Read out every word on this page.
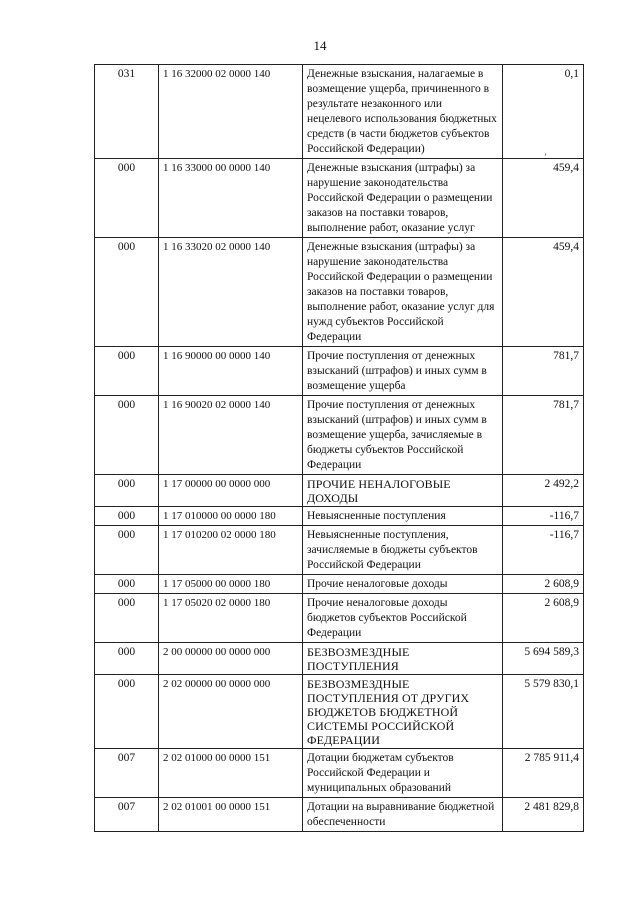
14
031	1 16 32000 02 0000 140	Денежные взыскания, налагаемые в возмещение ущерба, причиненного в результате незаконного или нецелевого использования бюджетных средств (в части бюджетов субъектов Российской Федерации)	0,1
000	1 16 33000 00 0000 140	Денежные взыскания (штрафы) за нарушение законодательства Российской Федерации о размещении заказов на поставки товаров, выполнение работ, оказание услуг	459,4
000	1 16 33020 02 0000 140	Денежные взыскания (штрафы) за нарушение законодательства Российской Федерации о размещении заказов на поставки товаров, выполнение работ, оказание услуг для нужд субъектов Российской Федерации	459,4
000	1 16 90000 00 0000 140	Прочие поступления от денежных взысканий (штрафов) и иных сумм в возмещение ущерба	781,7
000	1 16 90020 02 0000 140	Прочие поступления от денежных взысканий (штрафов) и иных сумм в возмещение ущерба, зачисляемые в бюджеты субъектов Российской Федерации	781,7
000	1 17 00000 00 0000 000	ПРОЧИЕ НЕНАЛОГОВЫЕ ДОХОДЫ	2 492,2
000	1 17 010000 00 0000 180	Невыясненные поступления	-116,7
000	1 17 010200 02 0000 180	Невыясненные поступления, зачисляемые в бюджеты субъектов Российской Федерации	-116,7
000	1 17 05000 00 0000 180	Прочие неналоговые доходы	2 608,9
000	1 17 05020 02 0000 180	Прочие неналоговые доходы бюджетов субъектов Российской Федерации	2 608,9
000	2 00 00000 00 0000 000	БЕЗВОЗМЕЗДНЫЕ ПОСТУПЛЕНИЯ	5 694 589,3
000	2 02 00000 00 0000 000	БЕЗВОЗМЕЗДНЫЕ ПОСТУПЛЕНИЯ ОТ ДРУГИХ БЮДЖЕТОВ БЮДЖЕТНОЙ СИСТЕМЫ РОССИЙСКОЙ ФЕДЕРАЦИИ	5 579 830,1
007	2 02 01000 00 0000 151	Дотации бюджетам субъектов Российской Федерации и муниципальных образований	2 785 911,4
007	2 02 01001 00 0000 151	Дотации на выравнивание бюджетной обеспеченности	2 481 829,8
ʼ
